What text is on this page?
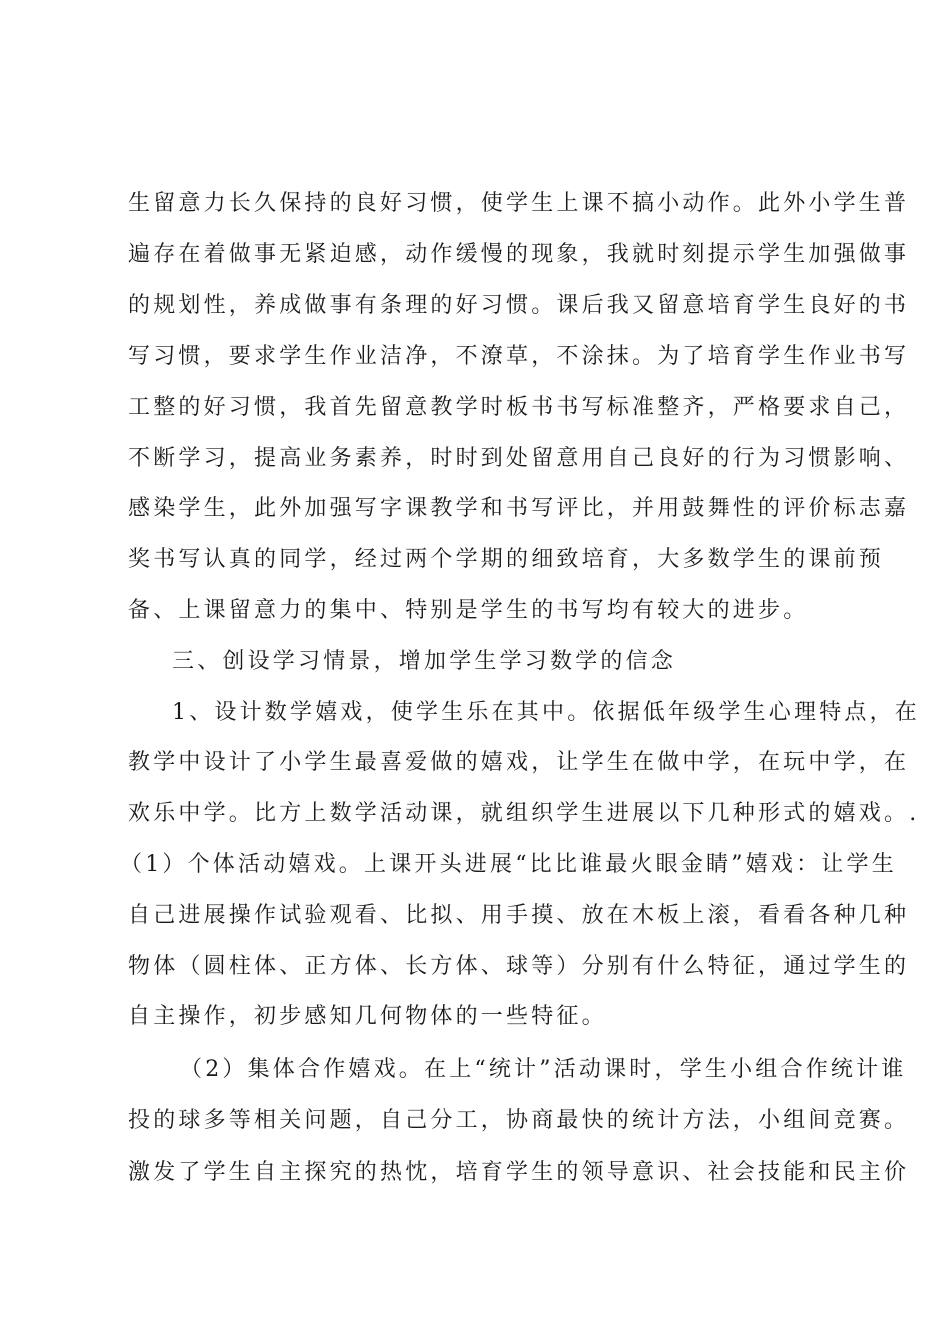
生留意力长久保持的良好习惯，使学生上课不搞小动作。此外小学生普
遍存在着做事无紧迫感，动作缓慢的现象，我就时刻提示学生加强做事
的规划性，养成做事有条理的好习惯。课后我又留意培育学生良好的书
写习惯，要求学生作业洁净，不潦草，不涂抹。为了培育学生作业书写
工整的好习惯，我首先留意教学时板书书写标准整齐，严格要求自己，
不断学习，提高业务素养，时时到处留意用自己良好的行为习惯影响、
感染学生，此外加强写字课教学和书写评比，并用鼓舞性的评价标志嘉
奖书写认真的同学，经过两个学期的细致培育，大多数学生的课前预
备、上课留意力的集中、特别是学生的书写均有较大的进步。
三、创设学习情景，增加学生学习数学的信念
1、设计数学嬉戏，使学生乐在其中。依据低年级学生心理特点，在
教学中设计了小学生最喜爱做的嬉戏，让学生在做中学，在玩中学，在
欢乐中学。比方上数学活动课，就组织学生进展以下几种形式的嬉戏。.
（1）个体活动嬉戏。上课开头进展“比比谁最火眼金睛”嬉戏：让学生
自己进展操作试验观看、比拟、用手摸、放在木板上滚，看看各种几种
物体（圆柱体、正方体、长方体、球等）分别有什么特征，通过学生的
自主操作，初步感知几何物体的一些特征。
（2）集体合作嬉戏。在上“统计”活动课时，学生小组合作统计谁
投的球多等相关问题，自己分工，协商最快的统计方法，小组间竞赛。
激发了学生自主探究的热忱，培育学生的领导意识、社会技能和民主价
